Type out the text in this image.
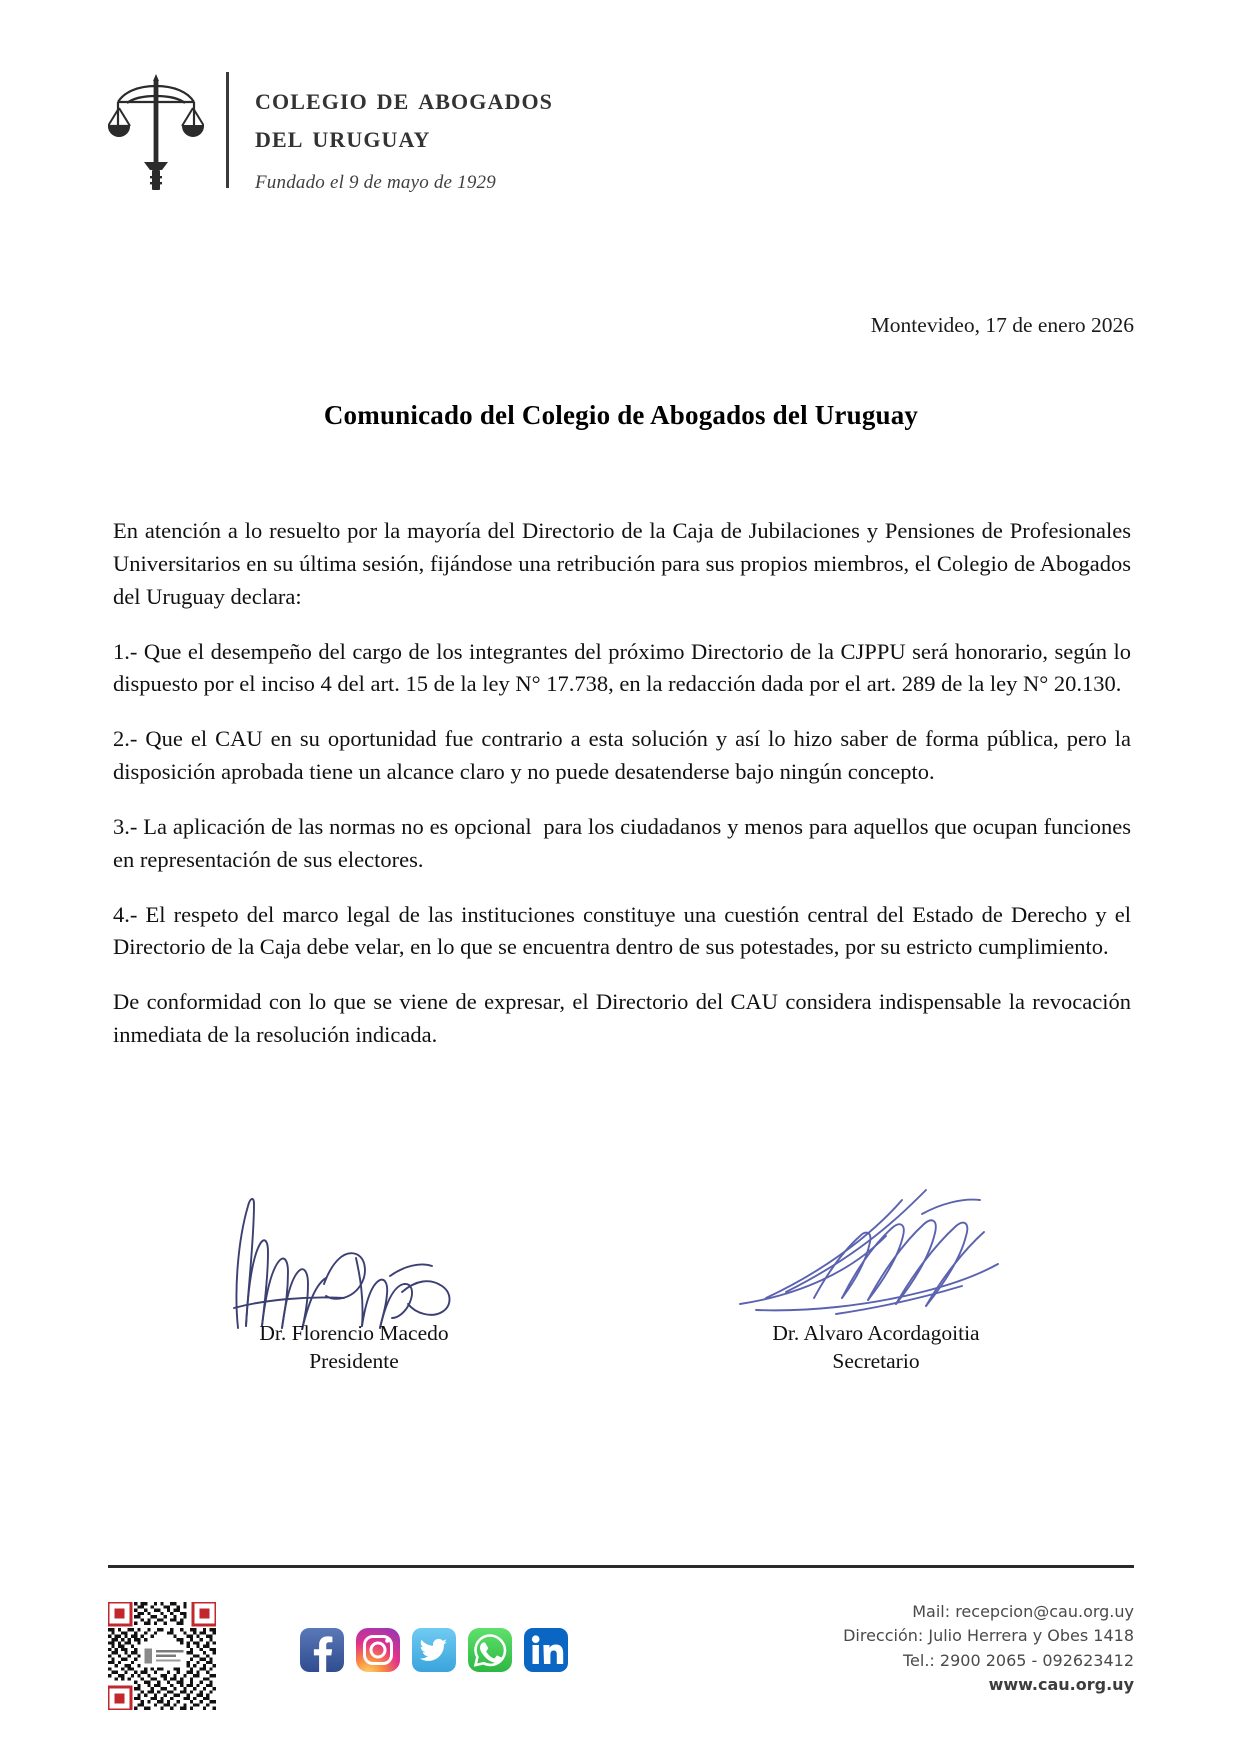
colegio de abogados
del uruguay
Fundado el 9 de mayo de 1929
Montevideo, 17 de enero 2026
Comunicado del Colegio de Abogados del Uruguay

En atención a lo resuelto por la mayoría del Directorio de la Caja de Jubilaciones y Pensiones de Profesionales Universitarios en su última sesión, fijándose una retribución para sus propios miembros, el Colegio de Abogados del Uruguay declara:

1.- Que el desempeño del cargo de los integrantes del próximo Directorio de la CJPPU será honorario, según lo dispuesto por el inciso 4 del art. 15 de la ley N° 17.738, en la redacción dada por el art. 289 de la ley N° 20.130.

2.- Que el CAU en su oportunidad fue contrario a esta solución y así lo hizo saber de forma pública, pero la disposición aprobada tiene un alcance claro y no puede desatenderse bajo ningún concepto.

3.- La aplicación de las normas no es opcional  para los ciudadanos y menos para aquellos que ocupan funciones en representación de sus electores.

4.- El respeto del marco legal de las instituciones constituye una cuestión central del Estado de Derecho y el Directorio de la Caja debe velar, en lo que se encuentra dentro de sus potestades, por su estricto cumplimiento.

De conformidad con lo que se viene de expresar, el Directorio del CAU considera indispensable la revocación inmediata de la resolución indicada.

Dr. Florencio Macedo
Presidente
Dr. Alvaro Acordagoitia
Secretario
Mail: recepcion@cau.org.uy
Dirección: Julio Herrera y Obes 1418
Tel.: 2900 2065 - 092623412
www.cau.org.uy
